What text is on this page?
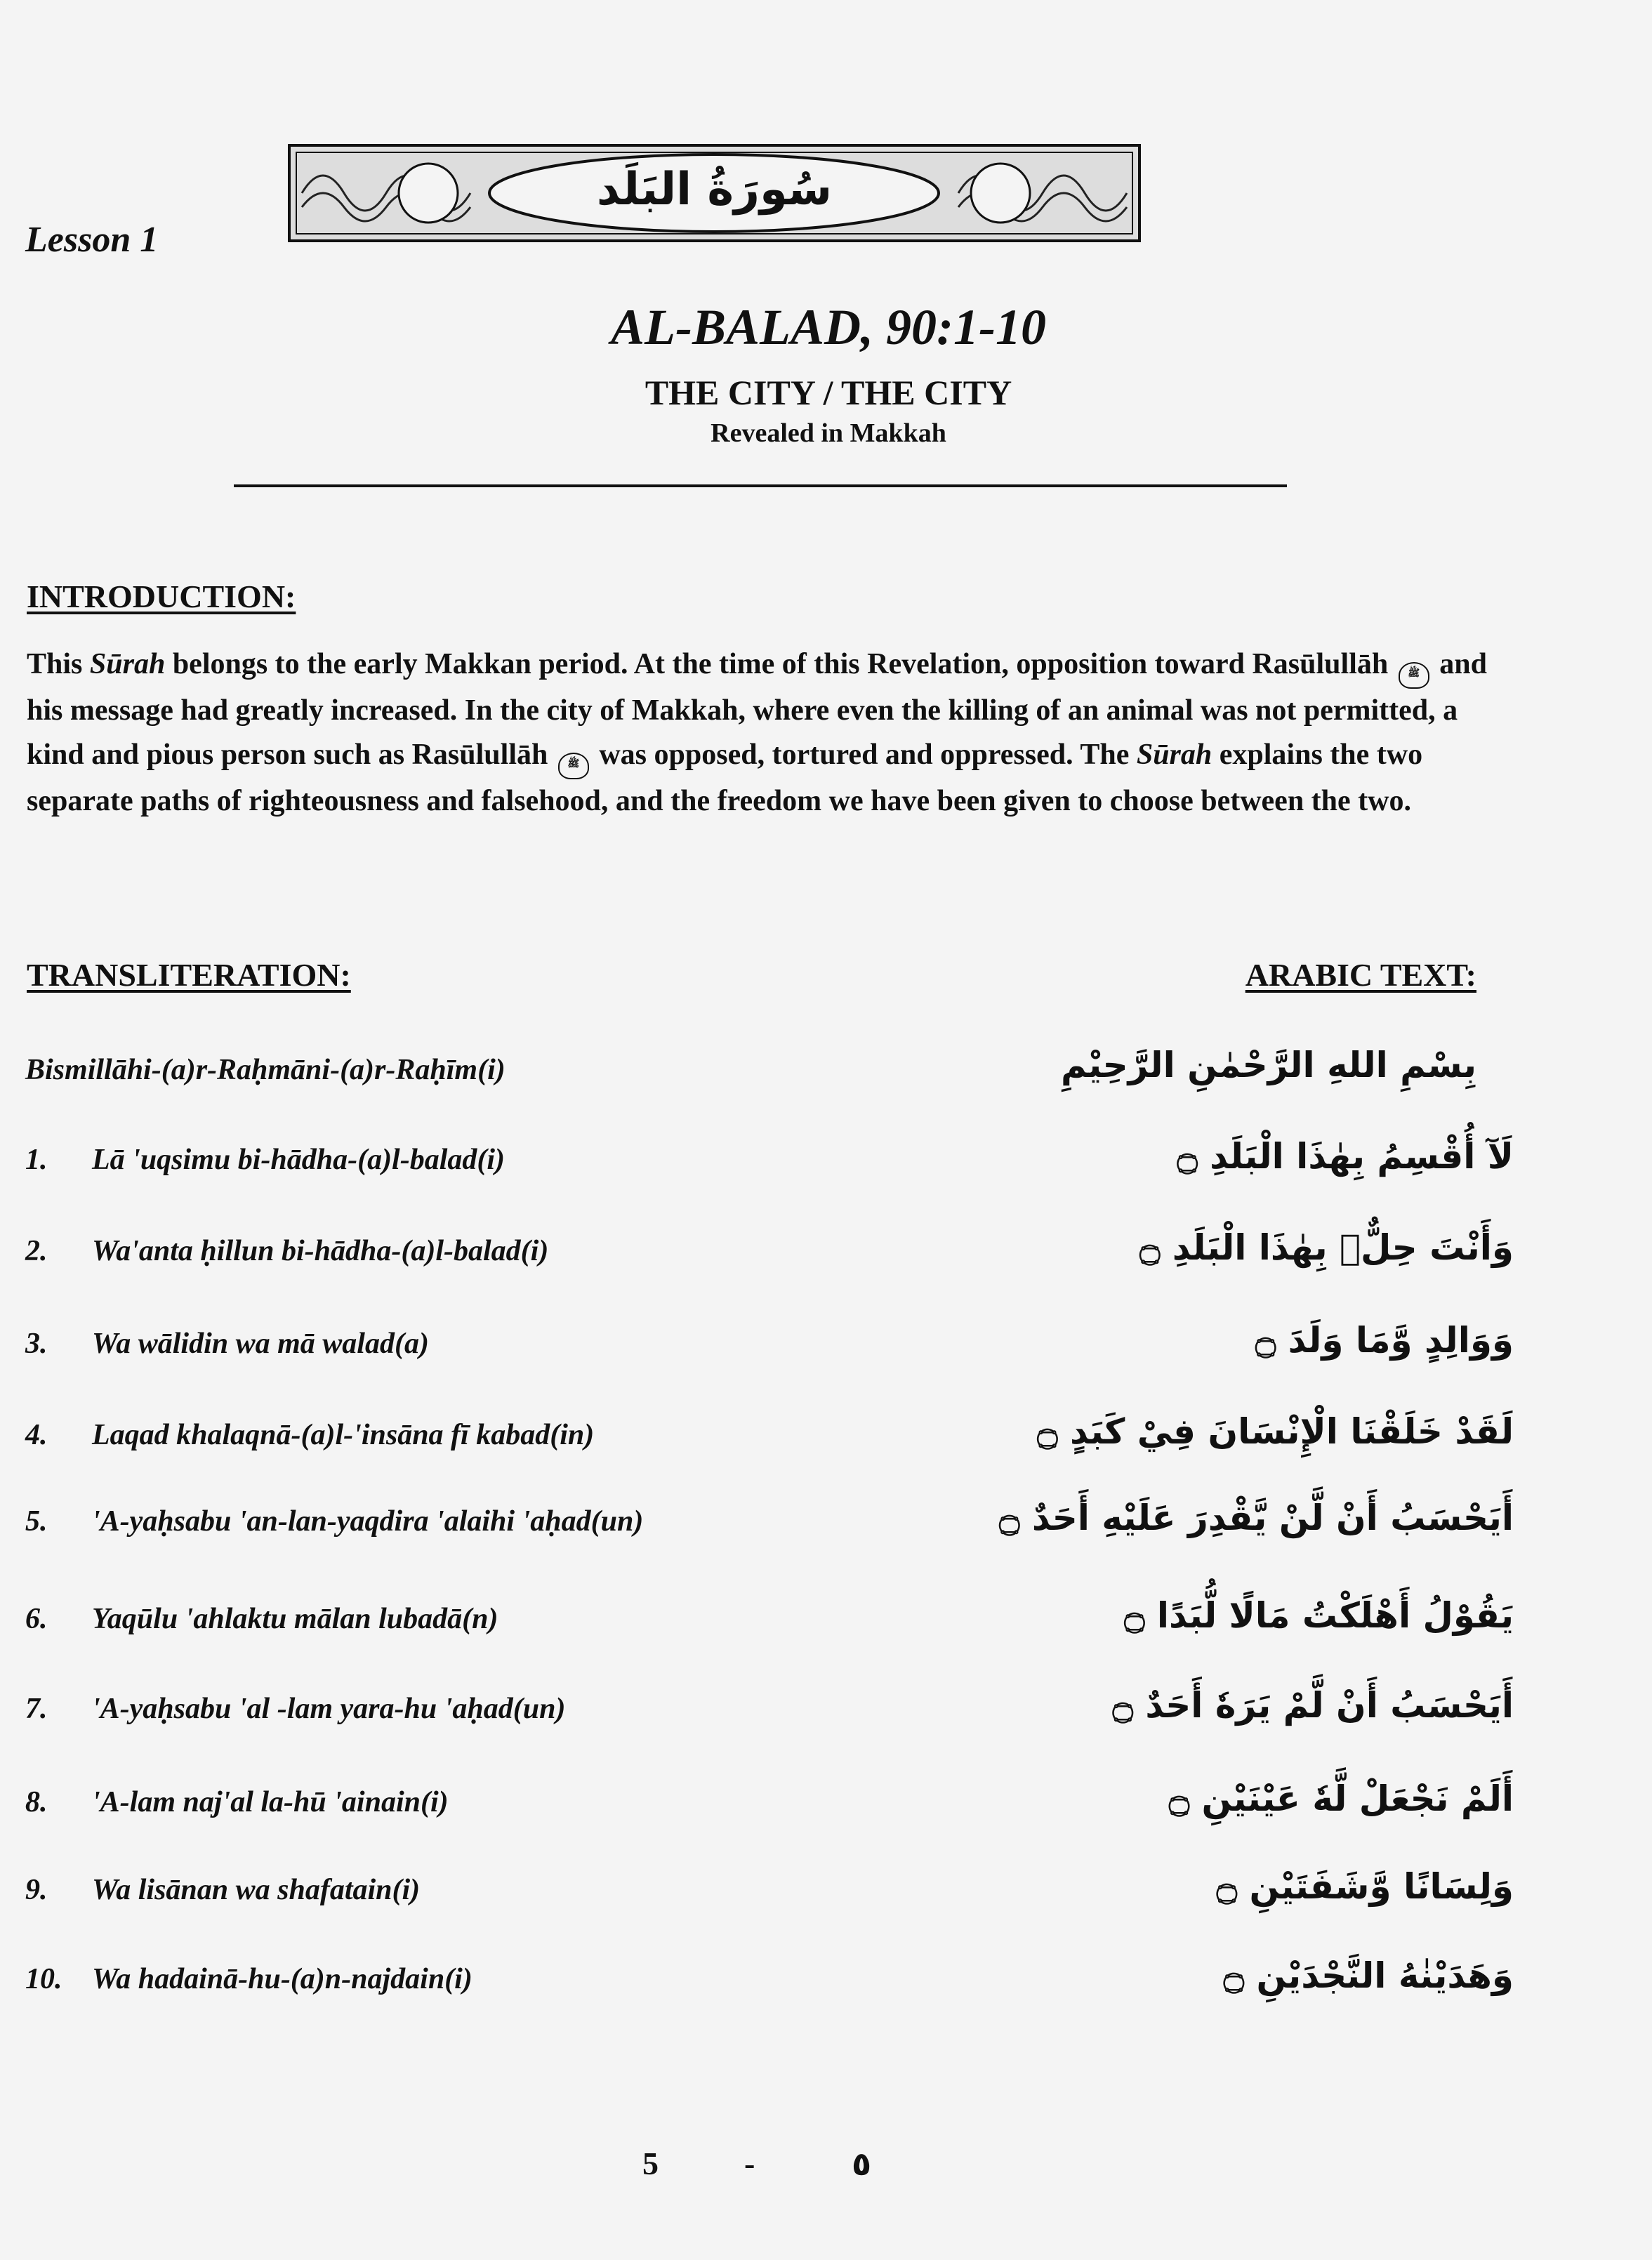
سُورَةُ البَلَد
Lesson 1
AL-BALAD, 90:1-10
THE CITY / THE CITY
Revealed in Makkah
INTRODUCTION:
This Sūrah belongs to the early Makkan period. At the time of this Revelation, opposition toward Rasūlullāh ﷺ and his message had greatly increased. In the city of Makkah, where even the killing of an animal was not permitted, a kind and pious person such as Rasūlullāh ﷺ was opposed, tortured and oppressed. The Sūrah explains the two separate paths of righteousness and falsehood, and the freedom we have been given to choose between the two.
TRANSLITERATION:	ARABIC TEXT:
Bismillāhi-(a)r-Raḥmāni-(a)r-Raḥīm(i)	بِسْمِ اللهِ الرَّحْمٰنِ الرَّحِيْمِ
1. Lā 'uqsimu bi-hādha-(a)l-balad(i)	لَآ أُقْسِمُ بِهٰذَا الْبَلَدِ ۝
2. Wa'anta ḥillun bi-hādha-(a)l-balad(i)	وَأَنْتَ حِلٌّۢ بِهٰذَا الْبَلَدِ ۝
3. Wa wālidin wa mā walad(a)	وَوَالِدٍ وَّمَا وَلَدَ ۝
4. Laqad khalaqnā-(a)l-'insāna fī kabad(in)	لَقَدْ خَلَقْنَا الْإِنْسَانَ فِيْ كَبَدٍ ۝
5. 'A-yaḥsabu 'an-lan-yaqdira 'alaihi 'aḥad(un)	أَيَحْسَبُ أَنْ لَّنْ يَّقْدِرَ عَلَيْهِ أَحَدٌ ۝
6. Yaqūlu 'ahlaktu mālan lubadā(n)	يَقُوْلُ أَهْلَكْتُ مَالًا لُّبَدًا ۝
7. 'A-yaḥsabu 'al -lam yara-hu 'aḥad(un)	أَيَحْسَبُ أَنْ لَّمْ يَرَهٗ أَحَدٌ ۝
8. 'A-lam naj'al la-hū 'ainain(i)	أَلَمْ نَجْعَلْ لَّهٗ عَيْنَيْنِ ۝
9. Wa lisānan wa shafatain(i)	وَلِسَانًا وَّشَفَتَيْنِ ۝
10. Wa hadainā-hu-(a)n-najdain(i)	وَهَدَيْنٰهُ النَّجْدَيْنِ ۝
5	-	٥
